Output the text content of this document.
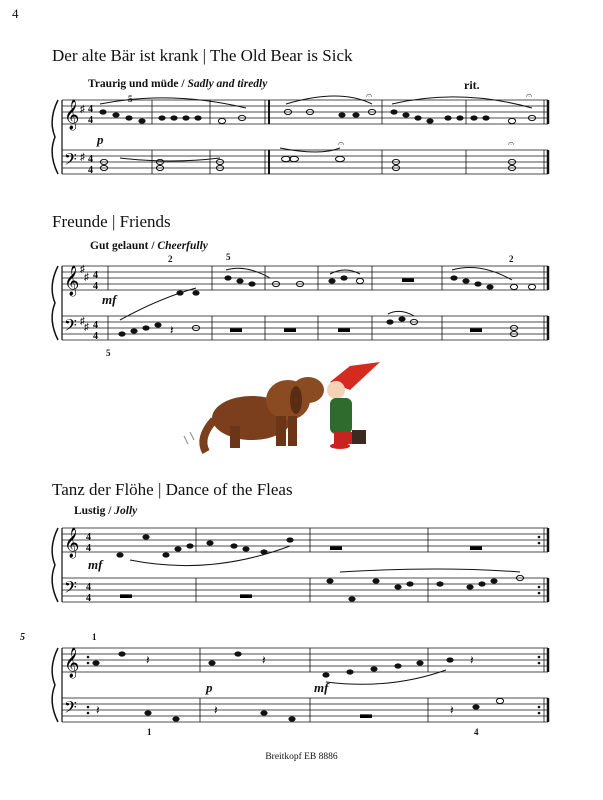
4
Der alte Bär ist krank | The Old Bear is Sick
Traurig und müde / Sadly and tiredly	rit.
p
5
𝄞
𝄢
♯
♯
4
4
4
4
𝄐	𝄐
𝄐	𝄐
Freunde | Friends
Gut gelaunt / Cheerfully
mf
2	5	2
5
𝄞
𝄢
♯
♯
♯
♯
4
4
4
4	𝄽	▬	▬	▬
▬
▬
Tanz der Flöhe | Dance of the Fleas
Lustig / Jolly
mf
𝄞
𝄢
4
4
4
4
▬	▬
▬	▬
5	1
p	mf
1	4
𝄞
𝄢
𝄽	𝄽	𝄽
𝄽
𝄽	𝄽	▬
Breitkopf EB 8886
